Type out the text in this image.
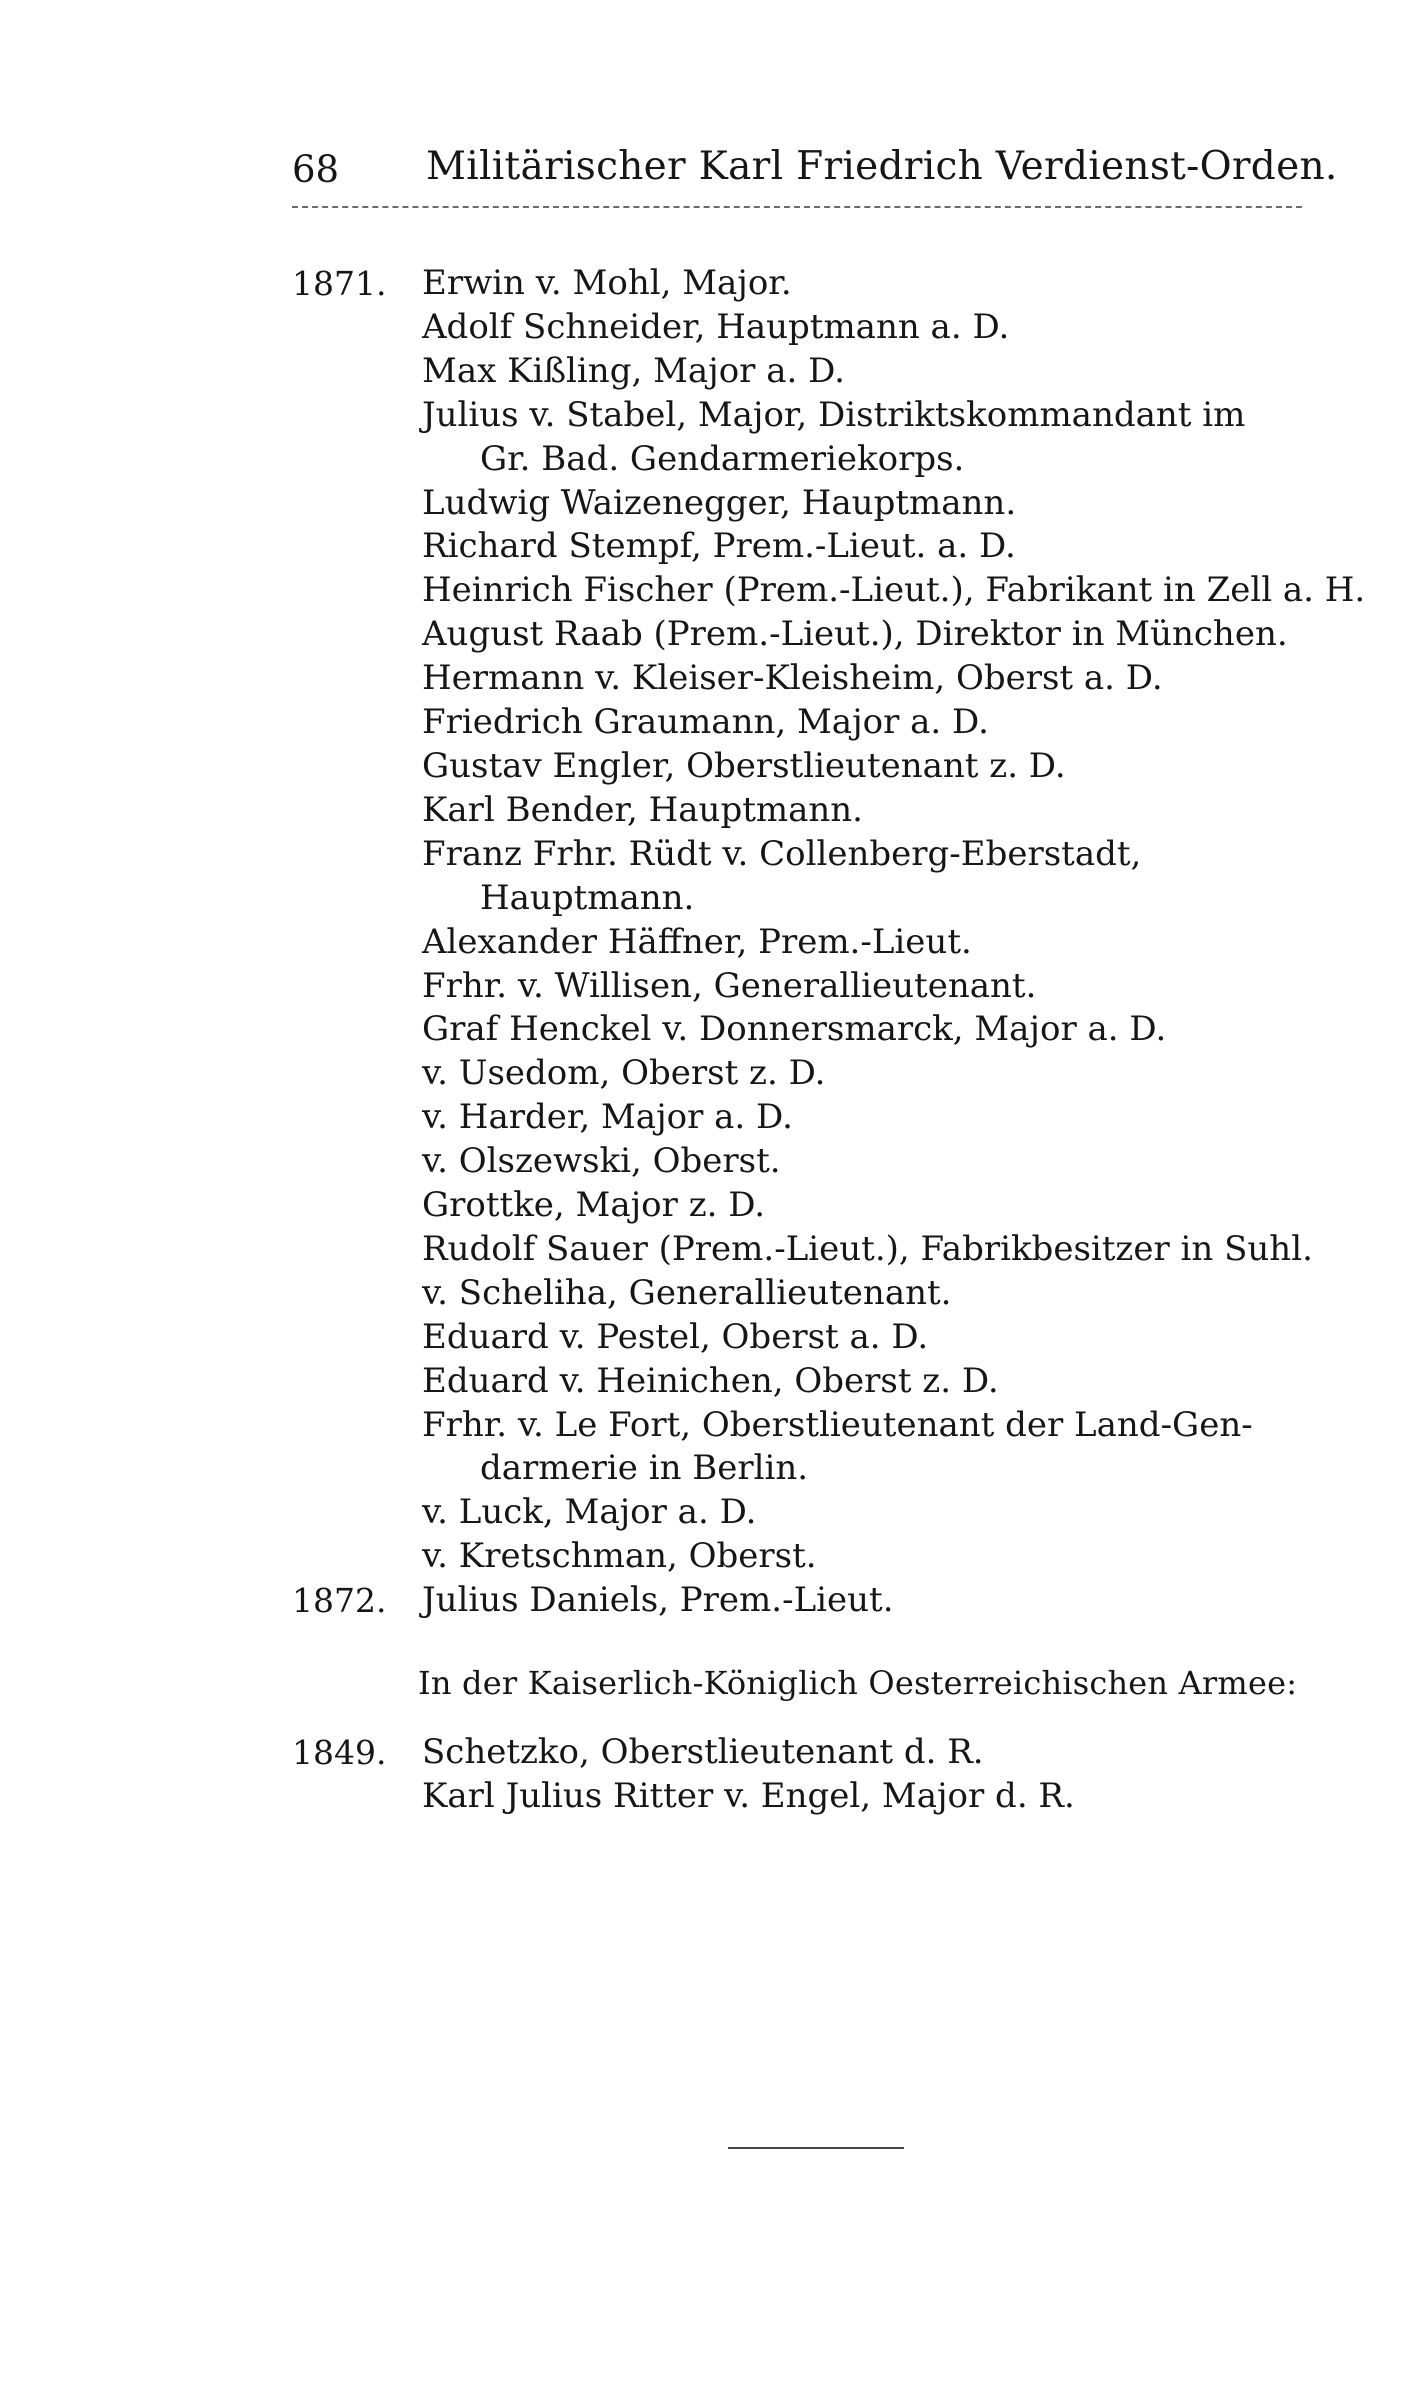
68 Militärischer Karl Friedrich Verdienst-Orden.
1871.	Erwin v. Mohl, Major.
Adolf Schneider, Hauptmann a. D.
Max Kißling, Major a. D.
Julius v. Stabel, Major, Distriktskommandant im
Gr. Bad. Gendarmeriekorps.
Ludwig Waizenegger, Hauptmann.
Richard Stempf, Prem.-Lieut. a. D.
Heinrich Fischer (Prem.-Lieut.), Fabrikant in Zell a. H.
August Raab (Prem.-Lieut.), Direktor in München.
Hermann v. Kleiser-Kleisheim, Oberst a. D.
Friedrich Graumann, Major a. D.
Gustav Engler, Oberstlieutenant z. D.
Karl Bender, Hauptmann.
Franz Frhr. Rüdt v. Collenberg-Eberstadt,
Hauptmann.
Alexander Häffner, Prem.-Lieut.
Frhr. v. Willisen, Generallieutenant.
Graf Henckel v. Donnersmarck, Major a. D.
v. Usedom, Oberst z. D.
v. Harder, Major a. D.
v. Olszewski, Oberst.
Grottke, Major z. D.
Rudolf Sauer (Prem.-Lieut.), Fabrikbesitzer in Suhl.
v. Scheliha, Generallieutenant.
Eduard v. Pestel, Oberst a. D.
Eduard v. Heinichen, Oberst z. D.
Frhr. v. Le Fort, Oberstlieutenant der Land-Gen-
darmerie in Berlin.
v. Luck, Major a. D.
v. Kretschman, Oberst.
1872.	Julius Daniels, Prem.-Lieut.
In der Kaiserlich-Königlich Oesterreichischen Armee:
1849.	Schetzko, Oberstlieutenant d. R.
Karl Julius Ritter v. Engel, Major d. R.
